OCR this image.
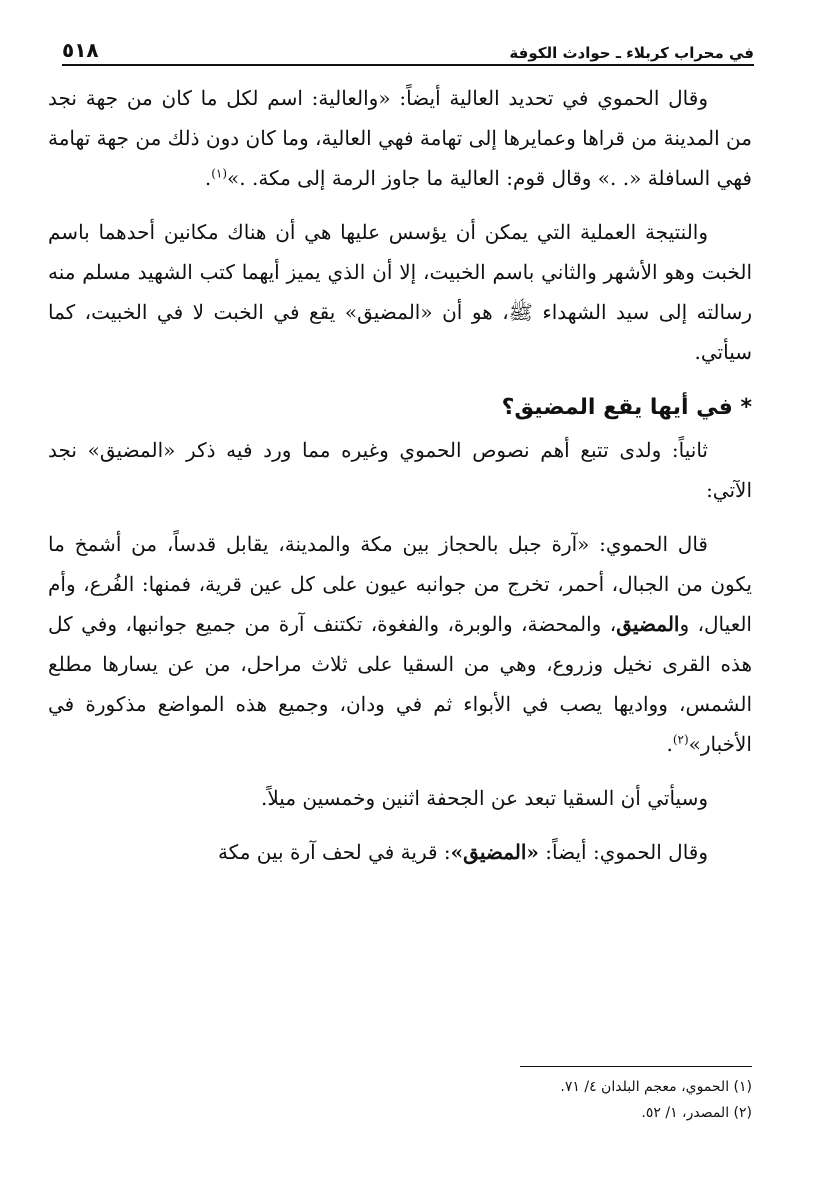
في محراب كربلاء ـ حوادث الكوفة
٥١٨

وقال الحموي في تحديد العالية أيضاً: «والعالية: اسم لكل ما كان من جهة نجد من المدينة من قراها وعمايرها إلى تهامة فهي العالية، وما كان دون ذلك من جهة تهامة فهي السافلة «. .» وقال قوم: العالية ما جاوز الرمة إلى مكة. .»$^{(١)}$.

والنتيجة العملية التي يمكن أن يؤسس عليها هي أن هناك مكانين أحدهما باسم الخبت وهو الأشهر والثاني باسم الخبيت، إلا أن الذي يميز أيهما كتب الشهيد مسلم منه رسالته إلى سيد الشهداء ﷺ، هو أن «المضيق» يقع في الخبت لا في الخبيت، كما سيأتي.

* في أيها يقع المضيق؟

ثانياً: ولدى تتبع أهم نصوص الحموي وغيره مما ورد فيه ذكر «المضيق» نجد الآتي:

قال الحموي: «آرة جبل بالحجاز بين مكة والمدينة، يقابل قدساً، من أشمخ ما يكون من الجبال، أحمر، تخرج من جوانبه عيون على كل عين قرية، فمنها: الفُرع، وأم العيال، والمضيق، والمحضة، والوبرة، والفغوة، تكتنف آرة من جميع جوانبها، وفي كل هذه القرى نخيل وزروع، وهي من السقيا على ثلاث مراحل، من عن يسارها مطلع الشمس، وواديها يصب في الأبواء ثم في ودان، وجميع هذه المواضع مذكورة في الأخبار»$^{(٢)}$.

وسيأتي أن السقيا تبعد عن الجحفة اثنين وخمسين ميلاً.

وقال الحموي: أيضاً: «المضيق»: قرية في لحف آرة بين مكة

(١) الحموي، معجم البلدان ٤/ ٧١.
(٢) المصدر، ١/ ٥٢.
